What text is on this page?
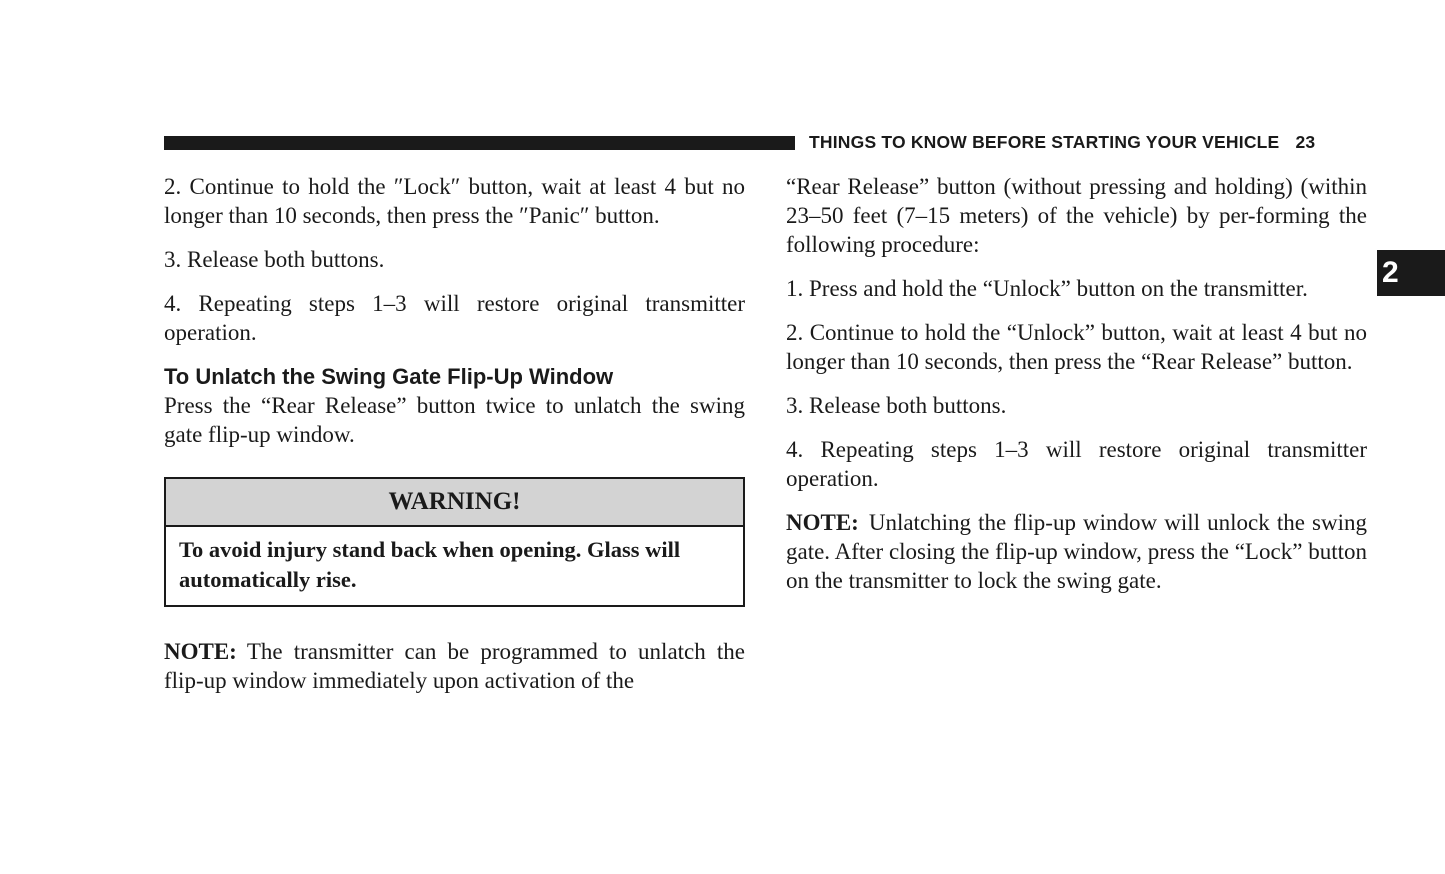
THINGS TO KNOW BEFORE STARTING YOUR VEHICLE 23
2

2. Continue to hold the ″Lock″ button, wait at least 4 but no longer than 10 seconds, then press the ″Panic″ button.

3. Release both buttons.

4. Repeating steps 1–3 will restore original transmitter operation.

To Unlatch the Swing Gate Flip-Up Window

Press the “Rear Release” button twice to unlatch the swing gate flip-up window.

WARNING!
To avoid injury stand back when opening. Glass will automatically rise.

NOTE: The transmitter can be programmed to unlatch the flip-up window immediately upon activation of the

“Rear Release” button (without pressing and holding) (within 23–50 feet (7–15 meters) of the vehicle) by per-forming the following procedure:

1. Press and hold the “Unlock” button on the transmitter.

2. Continue to hold the “Unlock” button, wait at least 4 but no longer than 10 seconds, then press the “Rear Release” button.

3. Release both buttons.

4. Repeating steps 1–3 will restore original transmitter operation.

NOTE: Unlatching the flip-up window will unlock the swing gate. After closing the flip-up window, press the “Lock” button on the transmitter to lock the swing gate.
